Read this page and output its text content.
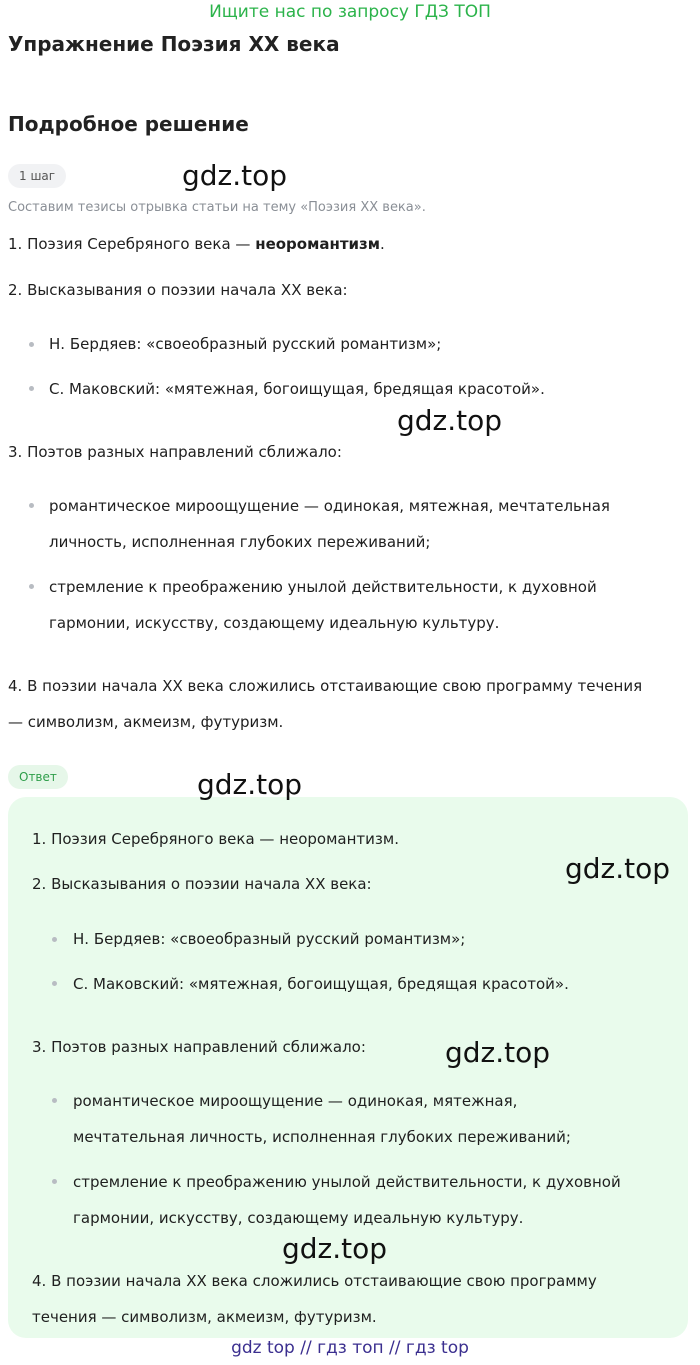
Ищите нас по запросу ГДЗ ТОП
Упражнение Поэзия XX века
Подробное решение
1 шаг
Составим тезисы отрывка статьи на тему «Поэзия XX века».
1. Поэзия Серебряного века — неоромантизм.
2. Высказывания о поэзии начала XX века:
Н. Бердяев: «своеобразный русский романтизм»;
С. Маковский: «мятежная, богоищущая, бредящая красотой».
3. Поэтов разных направлений сближало:
романтическое мироощущение — одинокая, мятежная, мечтательная
личность, исполненная глубоких переживаний;
стремление к преображению унылой действительности, к духовной
гармонии, искусству, создающему идеальную культуру.
4. В поэзии начала XX века сложились отстаивающие свою программу течения
— символизм, акмеизм, футуризм.
Ответ
1. Поэзия Серебряного века — неоромантизм.
2. Высказывания о поэзии начала XX века:
Н. Бердяев: «своеобразный русский романтизм»;
С. Маковский: «мятежная, богоищущая, бредящая красотой».
3. Поэтов разных направлений сближало:
романтическое мироощущение — одинокая, мятежная,
мечтательная личность, исполненная глубоких переживаний;
стремление к преображению унылой действительности, к духовной
гармонии, искусству, создающему идеальную культуру.
4. В поэзии начала XX века сложились отстаивающие свою программу
течения — символизм, акмеизм, футуризм.
gdz.top
gdz.top
gdz.top
gdz.top
gdz.top
gdz.top
gdz top // гдз топ // гдз top
